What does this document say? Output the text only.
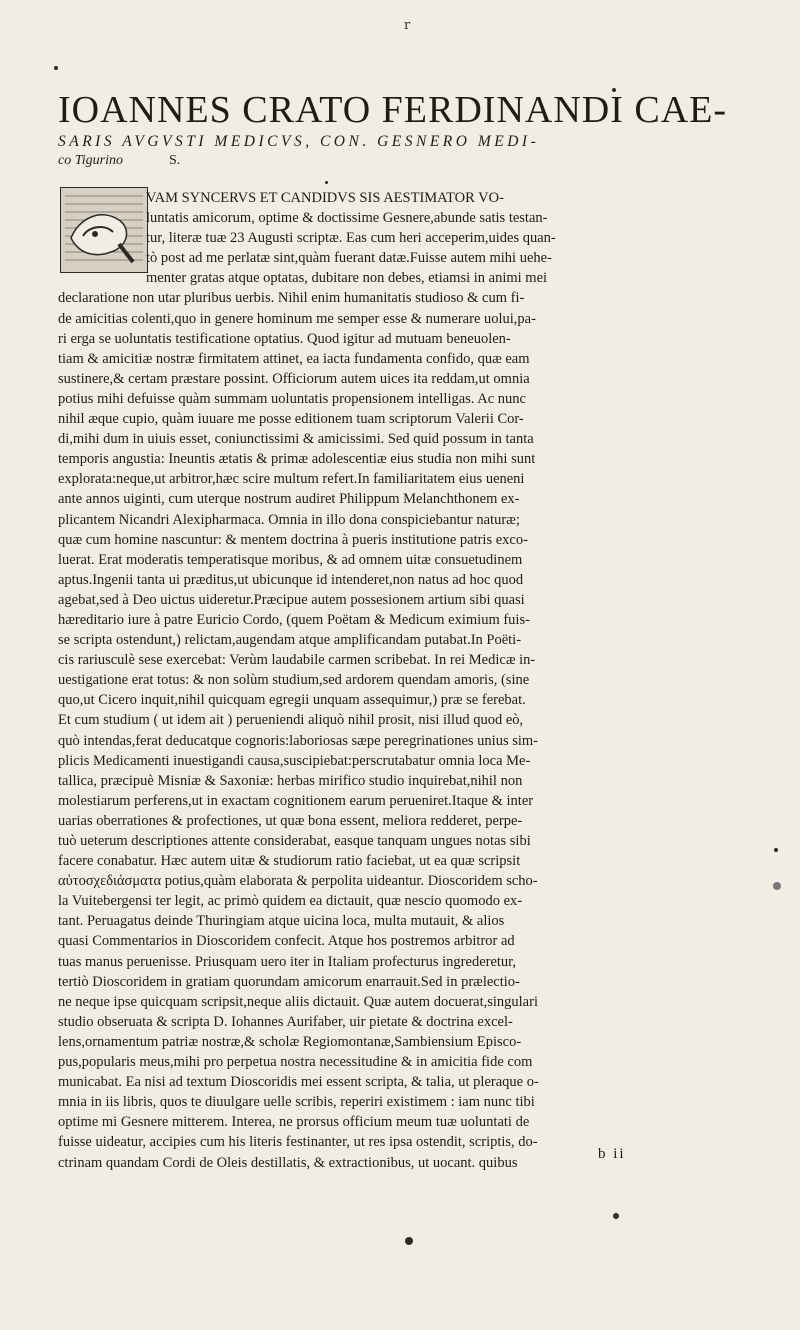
r
IOANNES CRATO FERDINANDI CAE-
SARIS AVGVSTI MEDICVS, CON. GESNERO MEDI-
co Tigurino	S.
VAM SYNCERVS ET CANDIDVS SIS AESTIMATOR VO-
luntatis amicorum, optime & doctissime Gesnere,abunde satis testan-
tur, literæ tuæ 23 Augusti scriptæ. Eas cum heri acceperim,uides quan-
tò post ad me perlatæ sint,quàm fuerant datæ.Fuisse autem mihi uehe-
menter gratas atque optatas, dubitare non debes, etiamsi in animi mei
declaratione non utar pluribus uerbis. Nihil enim humanitatis studioso & cum fi-
de amicitias colenti,quo in genere hominum me semper esse & numerare uolui,pa-
ri erga se uoluntatis testificatione optatius. Quod igitur ad mutuam beneuolen-
tiam & amicitiæ nostræ firmitatem attinet, ea iacta fundamenta confido, quæ eam
sustinere,& certam præstare possint. Officiorum autem uices ita reddam,ut omnia
potius mihi defuisse quàm summam uoluntatis propensionem intelligas. Ac nunc
nihil æque cupio, quàm iuuare me posse editionem tuam scriptorum Valerii Cor-
di,mihi dum in uiuis esset, coniunctissimi & amicissimi. Sed quid possum in tanta
temporis angustia: Ineuntis ætatis & primæ adolescentiæ eius studia non mihi sunt
explorata:neque,ut arbitror,hæc scire multum refert.In familiaritatem eius ueneni
ante annos uiginti, cum uterque nostrum audiret Philippum Melanchthonem ex-
plicantem Nicandri Alexipharmaca. Omnia in illo dona conspiciebantur naturæ;
quæ cum homine nascuntur: & mentem doctrina à pueris institutione patris exco-
luerat. Erat moderatis temperatisque moribus, & ad omnem uitæ consuetudinem
aptus.Ingenii tanta ui præditus,ut ubicunque id intenderet,non natus ad hoc quod
agebat,sed à Deo uictus uideretur.Præcipue autem possesionem artium sibi quasi
hæreditario iure à patre Euricio Cordo, (quem Poëtam & Medicum eximium fuis-
se scripta ostendunt,) relictam,augendam atque amplificandam putabat.In Poëti-
cis rariusculè sese exercebat: Verùm laudabile carmen scribebat. In rei Medicæ in-
uestigatione erat totus: & non solùm studium,sed ardorem quendam amoris, (sine
quo,ut Cicero inquit,nihil quicquam egregii unquam assequimur,) præ se ferebat.
Et cum studium ( ut idem ait ) perueniendi aliquò nihil prosit, nisi illud quod eò,
quò intendas,ferat deducatque cognoris:laboriosas sæpe peregrinationes unius sim-
plicis Medicamenti inuestigandi causa,suscipiebat:perscrutabatur omnia loca Me-
tallica, præcipuè Misniæ & Saxoniæ: herbas mirifico studio inquirebat,nihil non
molestiarum perferens,ut in exactam cognitionem earum perueniret.Itaque & inter
uarias oberrationes & profectiones, ut quæ bona essent, meliora redderet, perpe-
tuò ueterum descriptiones attente considerabat, easque tanquam ungues notas sibi
facere conabatur. Hæc autem uitæ & studiorum ratio faciebat, ut ea quæ scripsit
αὐτοσχεδιάσματα potius,quàm elaborata & perpolita uideantur. Dioscoridem scho-
la Vuitebergensi ter legit, ac primò quidem ea dictauit, quæ nescio quomodo ex-
tant. Peruagatus deinde Thuringiam atque uicina loca, multa mutauit, & alios
quasi Commentarios in Dioscoridem confecit. Atque hos postremos arbitror ad
tuas manus peruenisse. Priusquam uero iter in Italiam profecturus ingrederetur,
tertiò Dioscoridem in gratiam quorundam amicorum enarrauit.Sed in prælectio-
ne neque ipse quicquam scripsit,neque aliis dictauit. Quæ autem docuerat,singulari
studio obseruata & scripta D. Iohannes Aurifaber, uir pietate & doctrina excel-
lens,ornamentum patriæ nostræ,& scholæ Regiomontanæ,Sambiensium Episco-
pus,popularis meus,mihi pro perpetua nostra necessitudine & in amicitia fide com
municabat. Ea nisi ad textum Dioscoridis mei essent scripta, & talia, ut pleraque o-
mnia in iis libris, quos te diuulgare uelle scribis, reperiri existimem : iam nunc tibi
optime mi Gesnere mitterem. Interea, ne prorsus officium meum tuæ uoluntati de
fuisse uideatur, accipies cum his literis festinanter, ut res ipsa ostendit, scriptis, do-
ctrinam quandam Cordi de Oleis destillatis, & extractionibus, ut uocant. quibus
b ii
